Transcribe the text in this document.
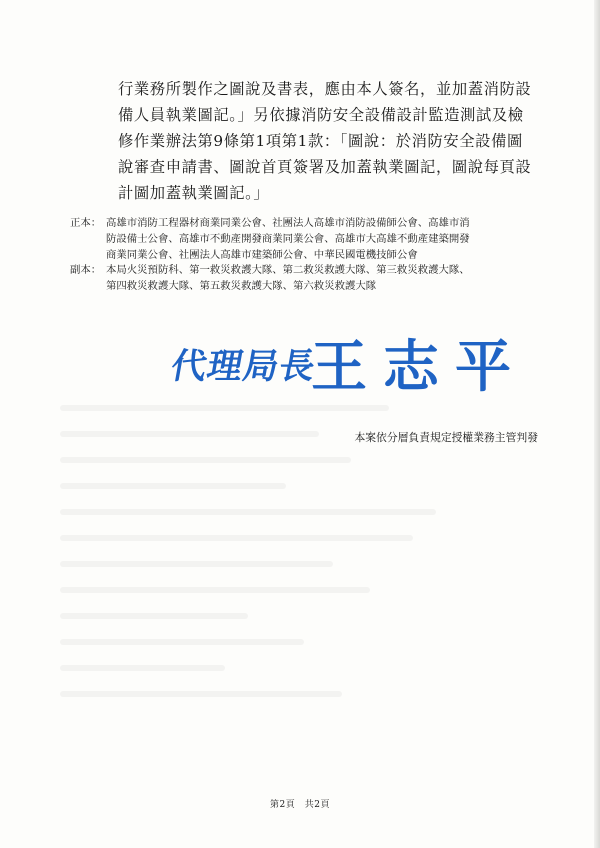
行業務所製作之圖說及書表，應由本人簽名，並加蓋消防設
備人員執業圖記。」另依據消防安全設備設計監造測試及檢
修作業辦法第9條第1項第1款：「圖說：於消防安全設備圖
說審查申請書、圖說首頁簽署及加蓋執業圖記，圖說每頁設
計圖加蓋執業圖記。」
正本： 高雄市消防工程器材商業同業公會、社團法人高雄市消防設備師公會、高雄市消
防設備士公會、高雄市不動產開發商業同業公會、高雄市大高雄不動產建築開發
商業同業公會、社團法人高雄市建築師公會、中華民國電機技師公會
副本： 本局火災預防科、第一救災救護大隊、第二救災救護大隊、第三救災救護大隊、
第四救災救護大隊、第五救災救護大隊、第六救災救護大隊
代理局長
王志平
本案依分層負責規定授權業務主管判發
第2頁　共2頁
